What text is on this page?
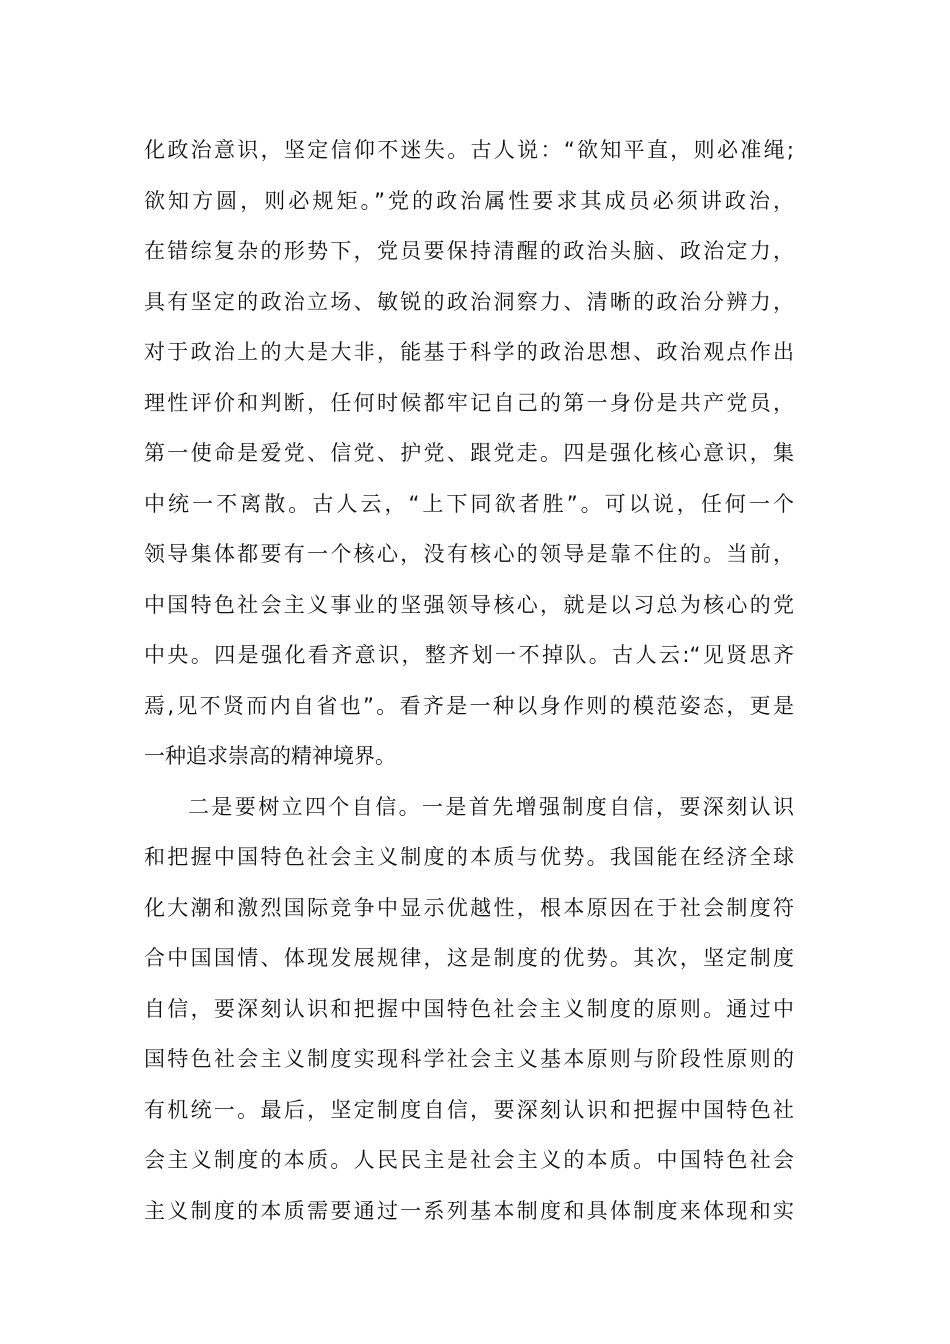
化政治意识，坚定信仰不迷失。古人说：“欲知平直，则必准绳;
欲知方圆，则必规矩。”党的政治属性要求其成员必须讲政治，
在错综复杂的形势下，党员要保持清醒的政治头脑、政治定力，
具有坚定的政治立场、敏锐的政治洞察力、清晰的政治分辨力，
对于政治上的大是大非，能基于科学的政治思想、政治观点作出
理性评价和判断，任何时候都牢记自己的第一身份是共产党员，
第一使命是爱党、信党、护党、跟党走。四是强化核心意识，集
中统一不离散。古人云，“上下同欲者胜”。可以说，任何一个
领导集体都要有一个核心，没有核心的领导是靠不住的。当前，
中国特色社会主义事业的坚强领导核心，就是以习总为核心的党
中央。四是强化看齐意识，整齐划一不掉队。古人云:“见贤思齐
焉,见不贤而内自省也”。看齐是一种以身作则的模范姿态，更是
一种追求崇高的精神境界。
二是要树立四个自信。一是首先增强制度自信，要深刻认识
和把握中国特色社会主义制度的本质与优势。我国能在经济全球
化大潮和激烈国际竞争中显示优越性，根本原因在于社会制度符
合中国国情、体现发展规律，这是制度的优势。其次，坚定制度
自信，要深刻认识和把握中国特色社会主义制度的原则。通过中
国特色社会主义制度实现科学社会主义基本原则与阶段性原则的
有机统一。最后，坚定制度自信，要深刻认识和把握中国特色社
会主义制度的本质。人民民主是社会主义的本质。中国特色社会
主义制度的本质需要通过一系列基本制度和具体制度来体现和实
